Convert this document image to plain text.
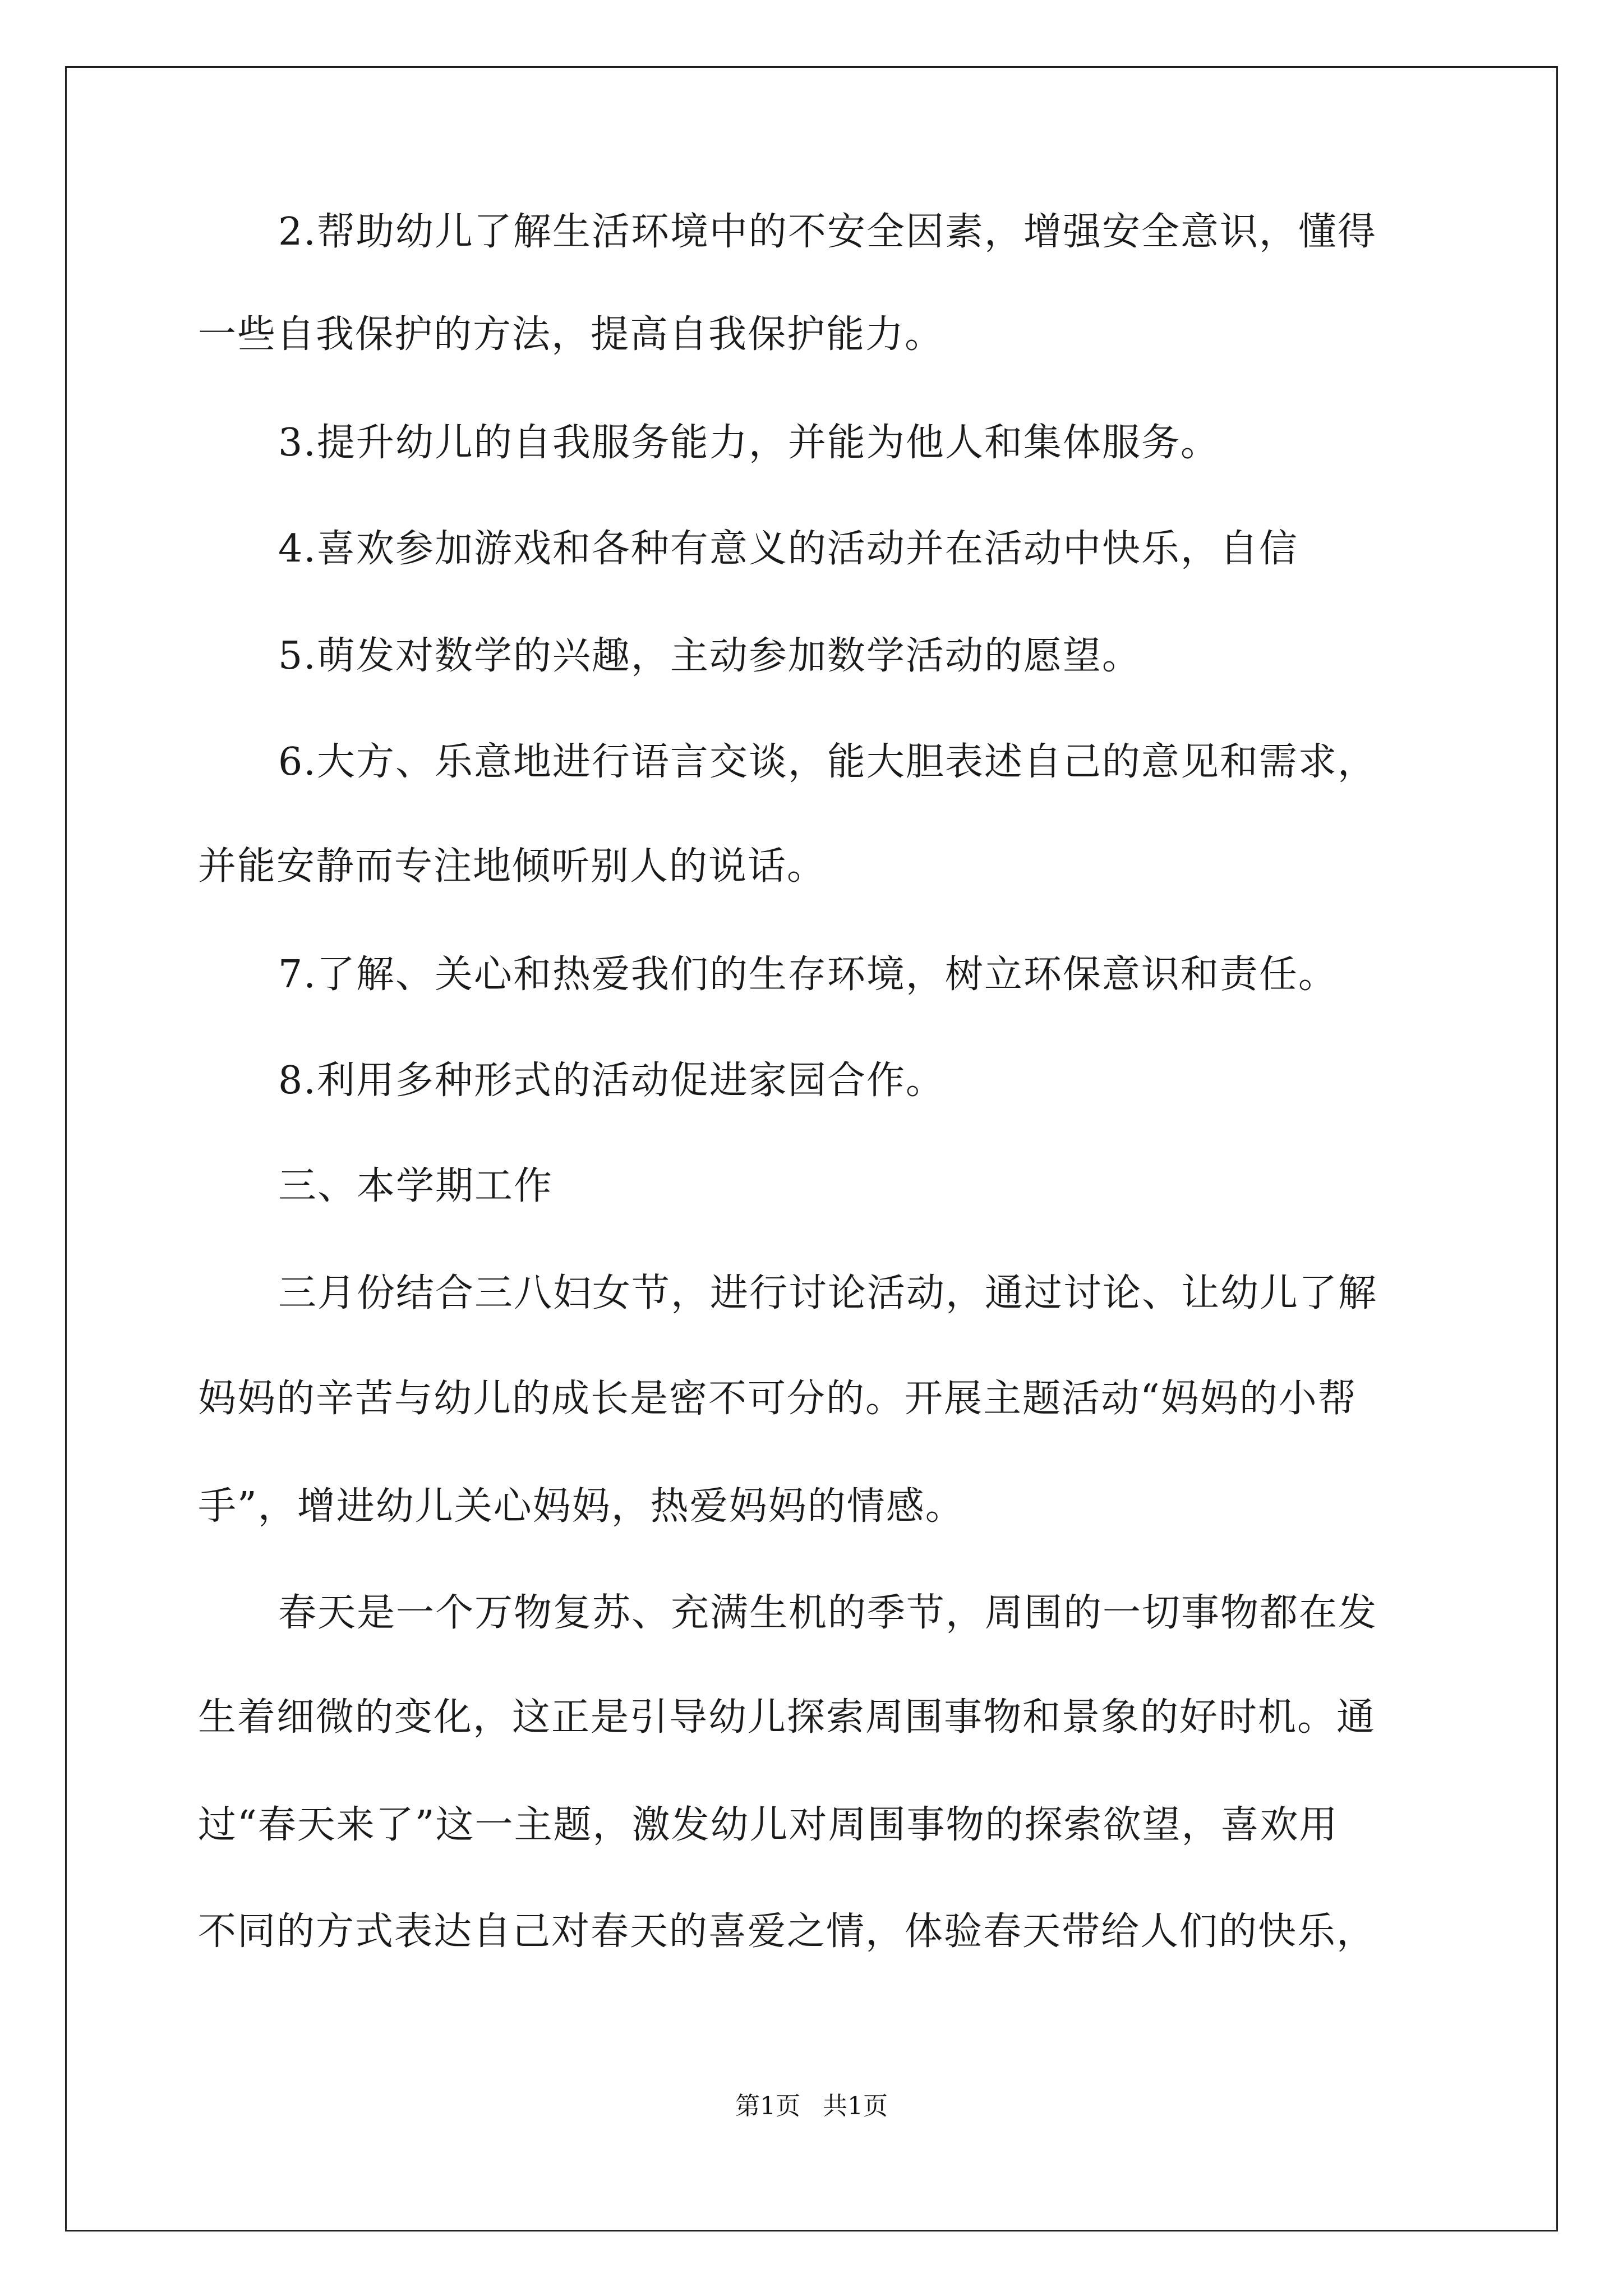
2.帮助幼儿了解生活环境中的不安全因素，增强安全意识，懂得
一些自我保护的方法，提高自我保护能力。
3.提升幼儿的自我服务能力，并能为他人和集体服务。
4.喜欢参加游戏和各种有意义的活动并在活动中快乐，自信
5.萌发对数学的兴趣，主动参加数学活动的愿望。
6.大方、乐意地进行语言交谈，能大胆表述自己的意见和需求，
并能安静而专注地倾听别人的说话。
7.了解、关心和热爱我们的生存环境，树立环保意识和责任。
8.利用多种形式的活动促进家园合作。
三、本学期工作
三月份结合三八妇女节，进行讨论活动，通过讨论、让幼儿了解
妈妈的辛苦与幼儿的成长是密不可分的。开展主题活动“妈妈的小帮
手”，增进幼儿关心妈妈，热爱妈妈的情感。
春天是一个万物复苏、充满生机的季节，周围的一切事物都在发
生着细微的变化，这正是引导幼儿探索周围事物和景象的好时机。通
过“春天来了”这一主题，激发幼儿对周围事物的探索欲望，喜欢用
不同的方式表达自己对春天的喜爱之情，体验春天带给人们的快乐，
第1页 共1页
